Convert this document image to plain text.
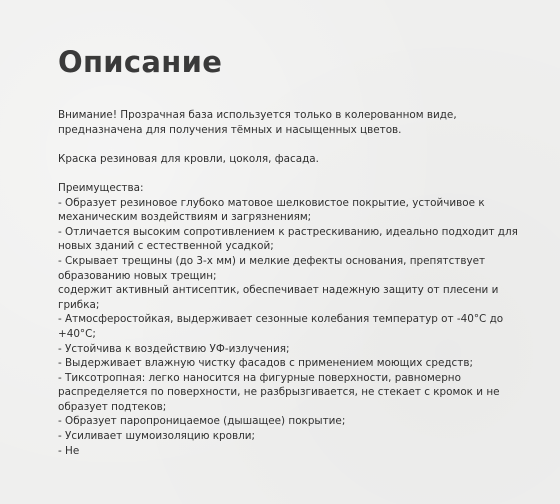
Описание

Внимание! Прозрачная база используется только в колерованном виде,
предназначена для получения тёмных и насыщенных цветов.

Краска резиновая для кровли, цоколя, фасада.

Преимущества:
- Образует резиновое глубоко матовое шелковистое покрытие, устойчивое к
механическим воздействиям и загрязнениям;
- Отличается высоким сопротивлением к растрескиванию, идеально подходит для
новых зданий с естественной усадкой;
- Скрывает трещины (до 3-х мм) и мелкие дефекты основания, препятствует
образованию новых трещин;
содержит активный антисептик, обеспечивает надежную защиту от плесени и
грибка;
- Атмосферостойкая, выдерживает сезонные колебания температур от -40°C до
+40°C;
- Устойчива к воздействию УФ-излучения;
- Выдерживает влажную чистку фасадов с применением моющих средств;
- Тиксотропная: легко наносится на фигурные поверхности, равномерно
распределяется по поверхности, не разбрызгивается, не стекает с кромок и не
образует подтеков;
- Образует паропроницаемое (дышащее) покрытие;
- Усиливает шумоизоляцию кровли;
- Не
